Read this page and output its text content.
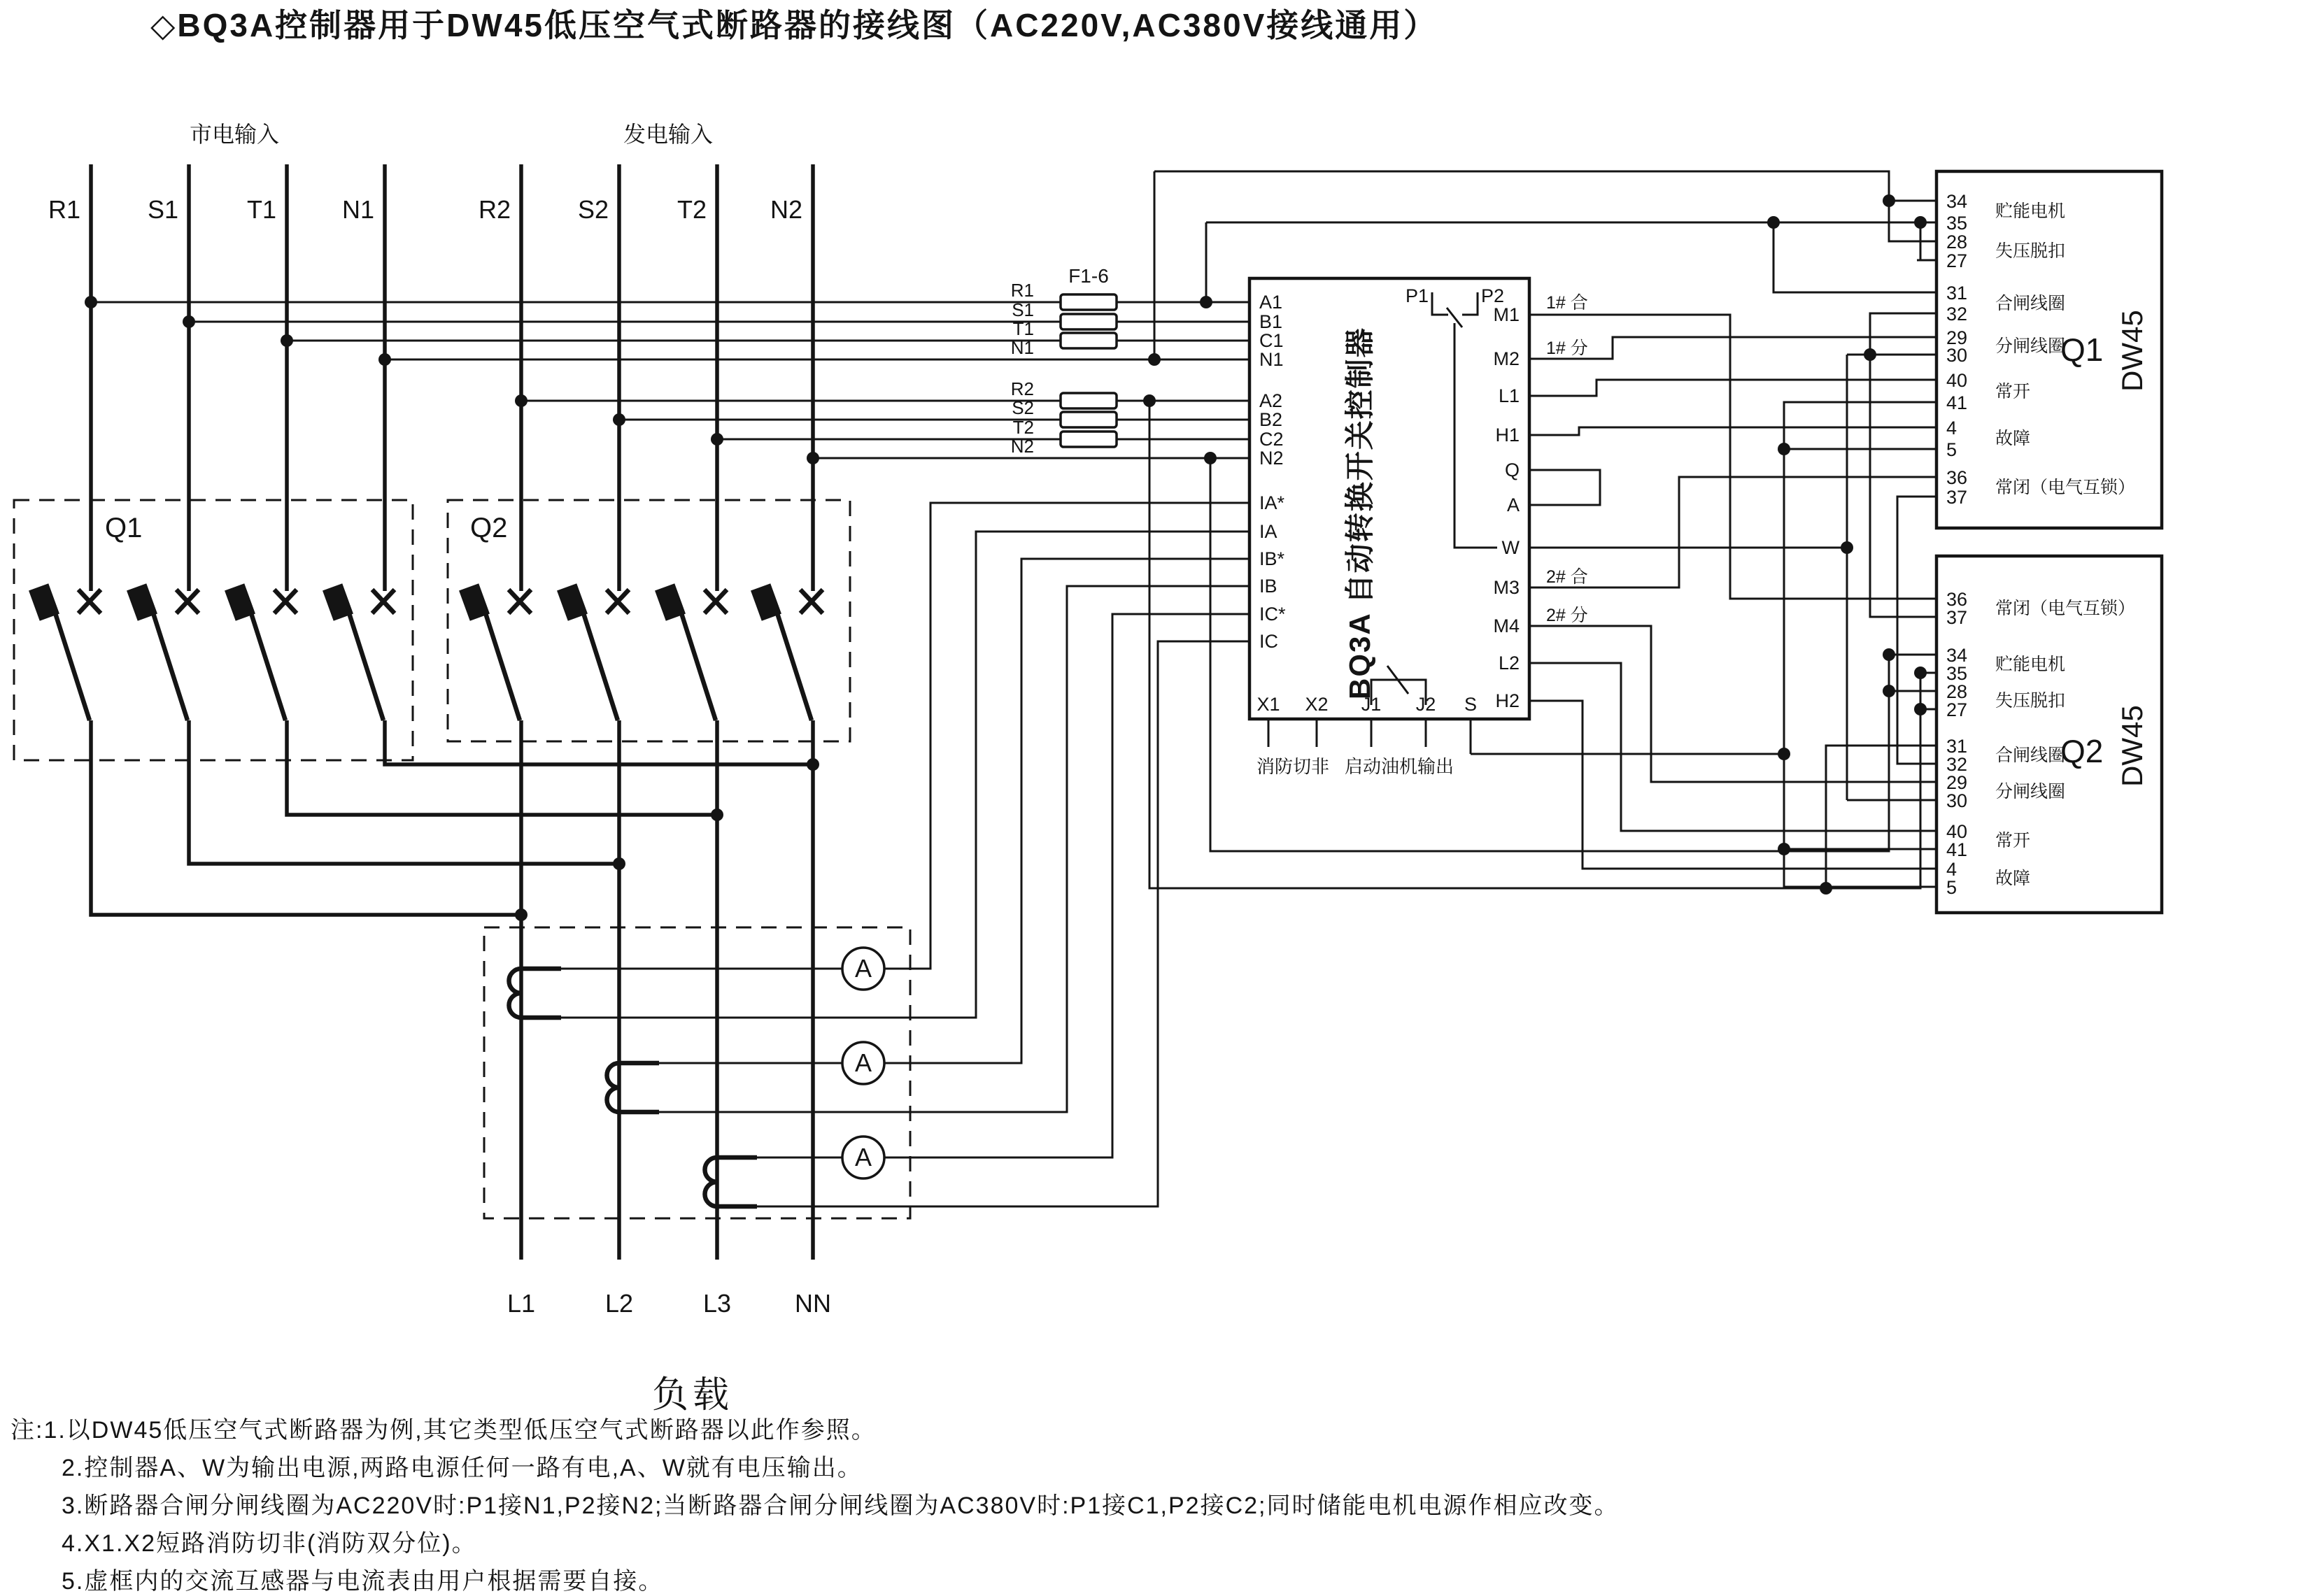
◇BQ3A控制器用于DW45低压空气式断路器的接线图（AC220V,AC380V接线通用）
市电输入	发电输入
R1	S1	T1	N1	R2	S2	T2	N2
Q1	Q2
F1-6
R1
S1
T1
N1
R2
S2
T2
N2	BQ3A 自动转换开关控制器
A1
B1
C1
N1
A2
B2
C2
N2
IA*
IA
IB*
IB
IC*
IC
P1	P2
M1
M2
L1
H1
Q
A
W
M3
M4
L2
H2
X1 X2 J1 J2 S
消防切非 启动油机输出
1# 合
1# 分
2# 合
2# 分
34
35
28
27
31
32
29
30
40
41
4
5
36
37
贮能电机
失压脱扣
合闸线圈
分闸线圈
常开
故障
常闭（电气互锁）
Q1 DW45
36
37
34
35
28
27
31
32
29
30
40
41
4
5
常闭（电气互锁）
贮能电机
失压脱扣
合闸线圈
分闸线圈
常开
故障
Q2 DW45
A
A
A
L1	L2	L3	NN
负载
注:1.以DW45低压空气式断路器为例,其它类型低压空气式断路器以此作参照。
2.控制器A、W为输出电源,两路电源任何一路有电,A、W就有电压输出。
3.断路器合闸分闸线圈为AC220V时:P1接N1,P2接N2;当断路器合闸分闸线圈为AC380V时:P1接C1,P2接C2;同时储能电机电源作相应改变。
4.X1.X2短路消防切非(消防双分位)。
5.虚框内的交流互感器与电流表由用户根据需要自接。
